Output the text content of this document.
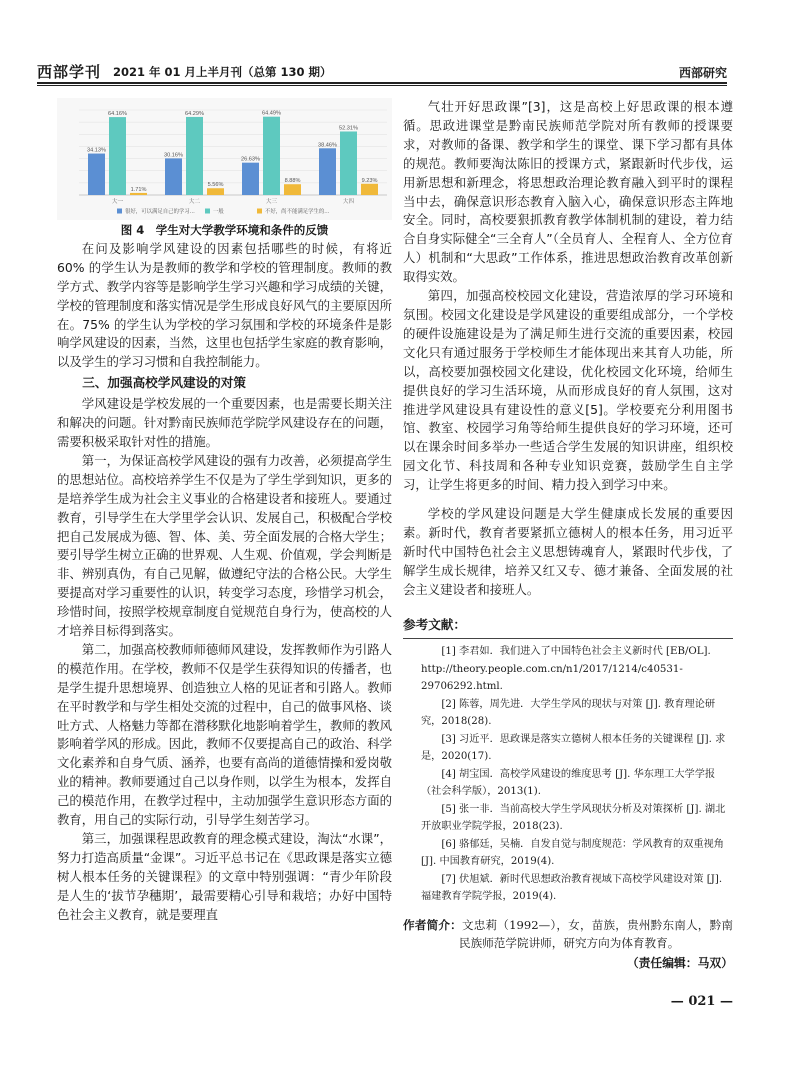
西部学刊 2021 年 01 月上半月刊（总第 130 期）	西部研究
34.13%
64.16%
1.71%
大一
30.16%
64.29%
5.56%
大二
26.63%
64.49%
8.88%
大三
38.46%
52.31%
9.23%
大四
很好，可以满足自己的学习...	一般	不好，尚不能满足学生的...

图 4　学生对大学教学环境和条件的反馈

在问及影响学风建设的因素包括哪些的时候，有将近 60% 的学生认为是教师的教学和学校的管理制度。教师的教学方式、教学内容等是影响学生学习兴趣和学习成绩的关键，学校的管理制度和落实情况是学生形成良好风气的主要原因所在。75% 的学生认为学校的学习氛围和学校的环境条件是影响学风建设的因素，当然，这里也包括学生家庭的教育影响，以及学生的学习习惯和自我控制能力。

三、加强高校学风建设的对策

学风建设是学校发展的一个重要因素，也是需要长期关注和解决的问题。针对黔南民族师范学院学风建设存在的问题，需要积极采取针对性的措施。

第一，为保证高校学风建设的强有力改善，必须提高学生的思想站位。高校培养学生不仅是为了学生学到知识，更多的是培养学生成为社会主义事业的合格建设者和接班人。要通过教育，引导学生在大学里学会认识、发展自己，积极配合学校把自己发展成为德、智、体、美、劳全面发展的合格大学生；要引导学生树立正确的世界观、人生观、价值观，学会判断是非、辨别真伪，有自己见解，做遵纪守法的合格公民。大学生要提高对学习重要性的认识，转变学习态度，珍惜学习机会，珍惜时间，按照学校规章制度自觉规范自身行为，使高校的人才培养目标得到落实。

第二，加强高校教师师德师风建设，发挥教师作为引路人的模范作用。在学校，教师不仅是学生获得知识的传播者，也是学生提升思想境界、创造独立人格的见证者和引路人。教师在平时教学和与学生相处交流的过程中，自己的做事风格、谈吐方式、人格魅力等都在潜移默化地影响着学生，教师的教风影响着学风的形成。因此，教师不仅要提高自己的政治、科学文化素养和自身气质、涵养，也要有高尚的道德情操和爱岗敬业的精神。教师要通过自己以身作则，以学生为根本，发挥自己的模范作用，在教学过程中，主动加强学生意识形态方面的教育，用自己的实际行动，引导学生刻苦学习。

第三，加强课程思政教育的理念模式建设，淘汰“水课”，努力打造高质量“金课”。习近平总书记在《思政课是落实立德树人根本任务的关键课程》的文章中特别强调：“青少年阶段是人生的‘拔节孕穗期’，最需要精心引导和栽培；办好中国特色社会主义教育，就是要理直

气壮开好思政课”[3]，这是高校上好思政课的根本遵循。思政进课堂是黔南民族师范学院对所有教师的授课要求，对教师的备课、教学和学生的课堂、课下学习都有具体的规范。教师要淘汰陈旧的授课方式，紧跟新时代步伐，运用新思想和新理念，将思想政治理论教育融入到平时的课程当中去，确保意识形态教育入脑入心，确保意识形态主阵地安全。同时，高校要狠抓教育教学体制机制的建设，着力结合自身实际健全“三全育人”（全员育人、全程育人、全方位育人）机制和“大思政”工作体系，推进思想政治教育改革创新取得实效。

第四，加强高校校园文化建设，营造浓厚的学习环境和氛围。校园文化建设是学风建设的重要组成部分，一个学校的硬件设施建设是为了满足师生进行交流的重要因素，校园文化只有通过服务于学校师生才能体现出来其育人功能，所以，高校要加强校园文化建设，优化校园文化环境，给师生提供良好的学习生活环境，从而形成良好的育人氛围，这对推进学风建设具有建设性的意义[5]。学校要充分利用图书馆、教室、校园学习角等给师生提供良好的学习环境，还可以在课余时间多举办一些适合学生发展的知识讲座，组织校园文化节、科技周和各种专业知识竞赛，鼓励学生自主学习，让学生将更多的时间、精力投入到学习中来。

学校的学风建设问题是大学生健康成长发展的重要因素。新时代，教育者要紧抓立德树人的根本任务，用习近平新时代中国特色社会主义思想铸魂育人，紧跟时代步伐，了解学生成长规律，培养又红又专、德才兼备、全面发展的社会主义建设者和接班人。

参考文献：

[1] 李君如．我们进入了中国特色社会主义新时代 [EB/OL]. http://theory.people.com.cn/n1/2017/1214/c40531-29706292.html.

[2] 陈蓉，周先进．大学生学风的现状与对策 [J]. 教育理论研究，2018(28).

[3] 习近平．思政课是落实立德树人根本任务的关键课程 [J]. 求是，2020(17).

[4] 胡宝国．高校学风建设的维度思考 [J]. 华东理工大学学报（社会科学版），2013(1).

[5] 张一非．当前高校大学生学风现状分析及对策探析 [J]. 湖北开放职业学院学报，2018(23).

[6] 骆郁廷，吴楠．自发自觉与制度规范：学风教育的双重视角 [J]. 中国教育研究，2019(4).

[7] 伏旭斌．新时代思想政治教育视域下高校学风建设对策 [J]. 福建教育学院学报，2019(4).

作者简介：文忠莉（1992—），女，苗族，贵州黔东南人，黔南民族师范学院讲师，研究方向为体育教育。
（责任编辑：马双）
— 021 —
